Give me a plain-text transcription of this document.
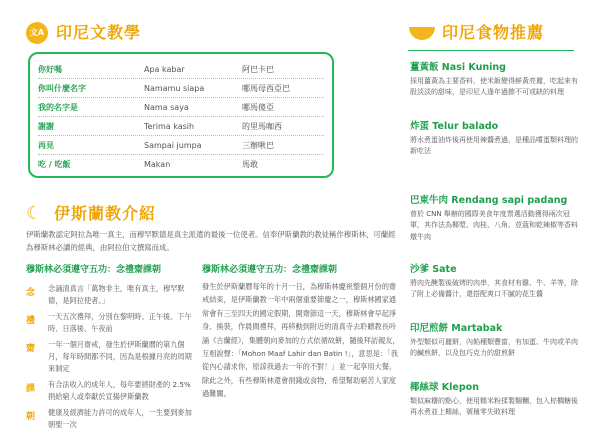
文A 印尼文教學
你好嗎	Apa kabar	阿巴卡巴
你叫什麼名字	Namamu siapa	哪馬母西亞巴
我的名字是	Nama saya	哪馬傻亞
謝謝	Terima kasih	的里馬咖西
再見	Sampai jumpa	三辦啾巴
吃 / 吃飯	Makan	馬敢
☾ 伊斯蘭教介紹
伊斯蘭教認定阿拉為唯一真主，而穆罕默德是真主派遣的最後一位使者。信奉伊斯蘭教的教徒稱作穆斯林，可蘭經為穆斯林必讀的經典，由阿拉伯文撰寫而成。
穆斯林必須遵守五功：念禮齋課朝	穆斯林必須遵守五功：念禮齋課朝
念	念誦清真言「萬物非主，唯有真主，穆罕默德，是阿拉使者。」
禮	一天五次禮拜，分別在黎明時、正午後、下午時、日落後、午夜前
齋	一年一個月齋戒，發生於伊斯蘭曆的第九個月，每年時間都不同，因為是根據月亮的周期來制定
課	有合法收入的成年人，每年要將財產的 2.5% 捐給窮人或奉獻於宣揚伊斯蘭教
朝	健康及經濟能力許可的成年人，一生要到麥加朝聖一次
發生於伊斯蘭曆每年的十月一日，為穆斯林慶祝整個月份的齋戒結束，是伊斯蘭教一年中兩個重要節慶之一，穆斯林國家通常會有三至四天的國定假期，開齋節這一天，穆斯林會早起淨身、換裝，作晨間禮拜，再移動到附近的清真寺去聆聽教長吟誦《古蘭經》，集體朝向麥加的方式依循故餅，隨後拜訪親友，互相說聲：「Mohon Maaf Lahir dan Batin !」，意思是：「我從內心請求你，原諒我過去一年的不對！」並一起享用大餐。除此之外，有些穆斯林還會捐錢或食物，希望幫助窮苦人家度過難關。
印尼食物推薦
薑黃飯 Nasi Kuning
採用薑黃為主要香料，使米飯變得鮮黃亮麗，吃起來有股淡淡的甜味，是印尼人逢年過節不可或缺的料理
炸蛋 Telur balado
將水煮蛋油炸後再使用辣醬煮過，是種品嚐蛋類料理的新吃法
巴東牛肉 Rendang sapi padang
曾於 CNN 舉辦的國際美食年度票選活動獲得兩次冠軍，其作法為椰漿、肉桂、八角、荳蔻和乾辣椒等香料燉牛肉
沙爹 Sate
將肉先醃製後破烤的肉串，其食材有雞、牛、羊等，除了附上必備醬汁，還搭配爽口不膩的花生醬
印尼煎餅 Martabak
外型類似可麗餅，內餡種類豐富，有加蛋、牛肉或羊肉的鹹煎餅，以及包巧克力的甜煎餅
椰絲球 Klepon
類似麻糬的點心，使用糯米粉揉製麵糰，包入棕櫚糖後再水煮並上椰絲，號稱零失敗料理
